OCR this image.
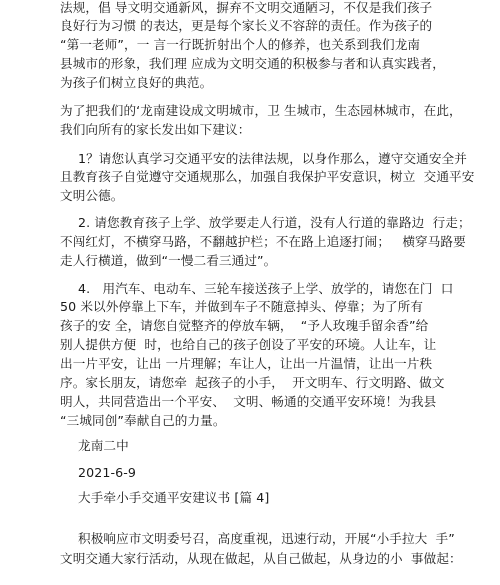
法规，倡 导文明交通新风，摒弃不文明交通陋习，不仅是我们孩子
良好行为习惯 的表达，更是每个家长义不容辞的责任。作为孩子的
“第一老师”，一 言一行既折射出个人的修养，也关系到我们龙南
县城市的形象，我们理 应成为文明交通的积极参与者和认真实践者，
为孩子们树立良好的典范。
为了把我们的‘龙南建设成文明城市，卫 生城市，生态园林城市，在此，
我们向所有的家长发出如下建议：
1？请您认真学习交通平安的法律法规，以身作那么，遵守交通安全并
且教育孩子自觉遵守交通规那么，加强自我保护平安意识，树立  交通平安
文明公德。
2. 请您教育孩子上学、放学要走人行道，没有人行道的靠路边  行走；
不闯红灯，不横穿马路，不翻越护栏；不在路上追逐打闹；   横穿马路要
走人行横道，做到“一慢二看三通过”。
4.   用汽车、电动车、三轮车接送孩子上学、放学的，请您在门  口
50 米以外停靠上下车，并做到车子不随意掉头、停靠；为了所有
孩子的安 全，请您自觉整齐的停放车辆，  “予人玫瑰手留余香”给
别人提供方便  时，也给自己的孩子创设了平安的环境。人让车，让
出一片平安，让出 一片理解；车让人，让出一片温情，让出一片秩
序。家长朋友，请您牵  起孩子的小手，  开文明车、行文明路、做文
明人，共同营造出一个平安、  文明、畅通的交通平安环境！为我县
“三城同创”奉献自己的力量。
龙南二中
2021-6-9
大手牵小手交通平安建议书 [篇 4]
积极响应市文明委号召，高度重视，迅速行动，开展“小手拉大  手”
文明交通大家行活动，从现在做起，从自己做起，从身边的小  事做起：
